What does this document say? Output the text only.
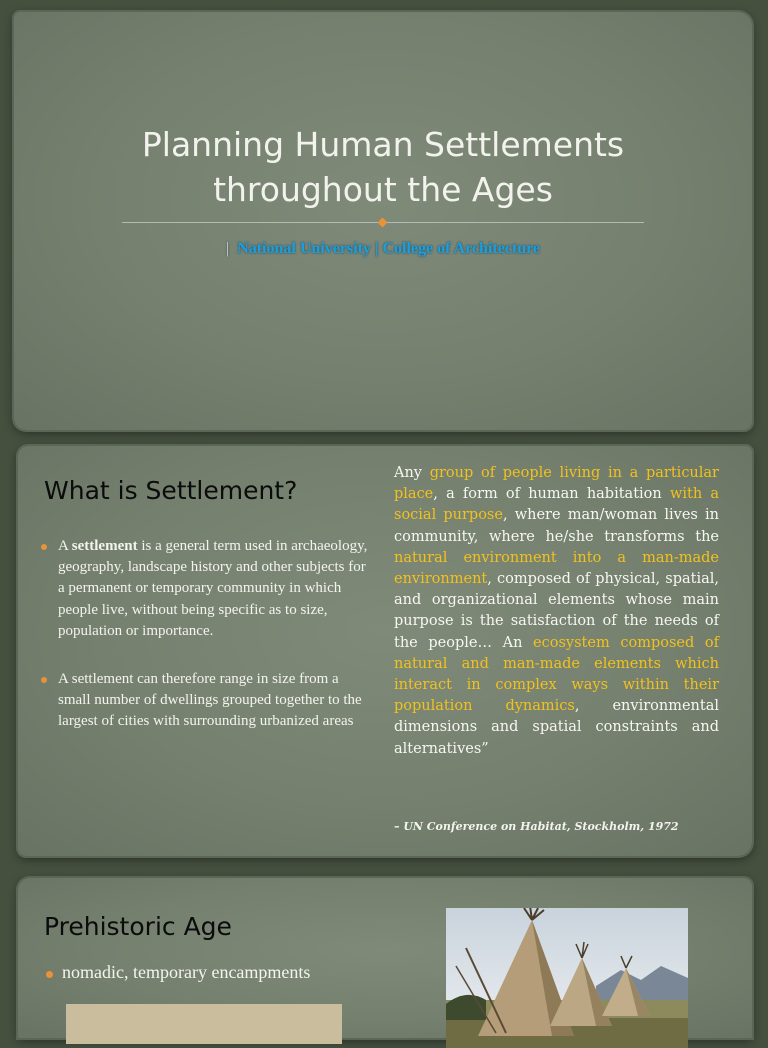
Planning Human Settlements throughout the Ages
| National University | College of Architecture
What is Settlement?
A settlement is a general term used in archaeology, geography, landscape history and other subjects for a permanent or temporary community in which people live, without being specific as to size, population or importance.
A settlement can therefore range in size from a small number of dwellings grouped together to the largest of cities with surrounding urbanized areas

Any group of people living in a particular place, a form of human habitation with a social purpose, where man/woman lives in community, where he/she transforms the natural environment into a man-made environment, composed of physical, spatial, and organizational elements whose main purpose is the satisfaction of the needs of the people… An ecosystem composed of natural and man-made elements which interact in complex ways within their population dynamics, environmental dimensions and spatial constraints and alternatives”

– UN Conference on Habitat, Stockholm, 1972

Prehistoric Age

nomadic, temporary encampments
